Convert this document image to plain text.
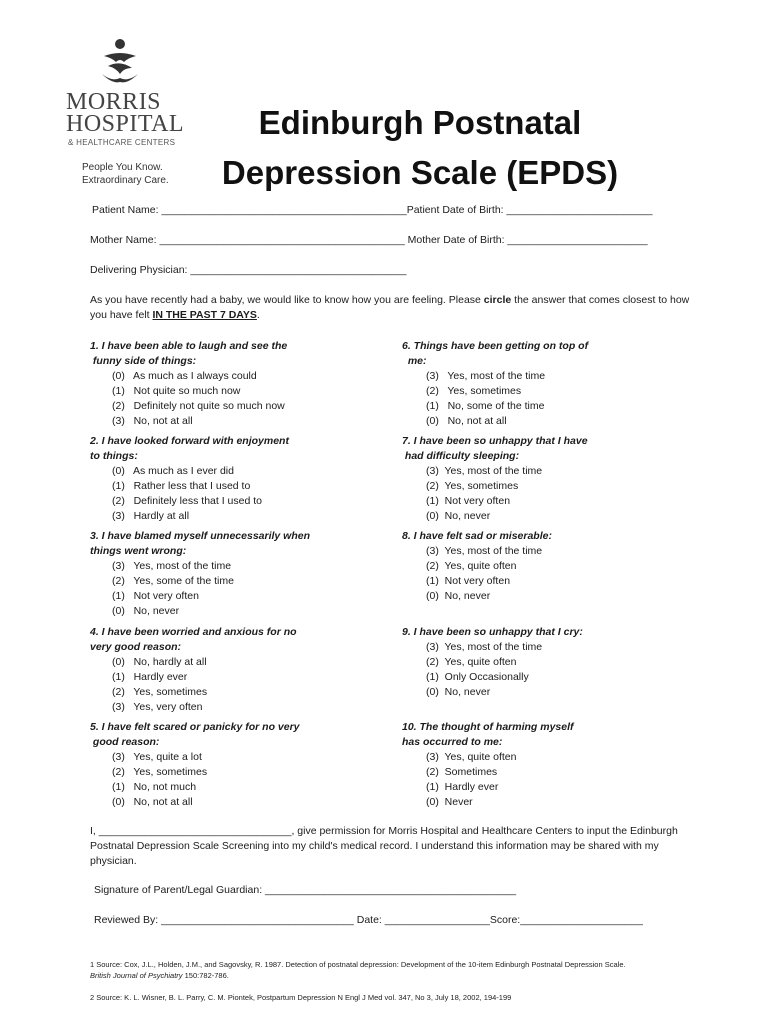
MORRIS
HOSPITAL
& HEALTHCARE CENTERS
People You Know.
Extraordinary Care.
Edinburgh Postnatal
Depression Scale (EPDS)
Patient Name: __________________________________________Patient Date of Birth: _________________________
Mother Name: __________________________________________ Mother Date of Birth: ________________________
Delivering Physician: _____________________________________
As you have recently had a baby, we would like to know how you are feeling. Please circle the answer that comes closest to how you have felt IN THE PAST 7 DAYS.
1. I have been able to laugh and see the
funny side of things:
(0)   As much as I always could
(1)   Not quite so much now
(2)   Definitely not quite so much now
(3)   No, not at all
2. I have looked forward with enjoyment
to things:
(0)   As much as I ever did
(1)   Rather less that I used to
(2)   Definitely less that I used to
(3)   Hardly at all
3. I have blamed myself unnecessarily when
things went wrong:
(3)   Yes, most of the time
(2)   Yes, some of the time
(1)   Not very often
(0)   No, never
4. I have been worried and anxious for no
very good reason:
(0)   No, hardly at all
(1)   Hardly ever
(2)   Yes, sometimes
(3)   Yes, very often
5. I have felt scared or panicky for no very
good reason:
(3)   Yes, quite a lot
(2)   Yes, sometimes
(1)   No, not much
(0)   No, not at all
6. Things have been getting on top of
me:
(3)   Yes, most of the time
(2)   Yes, sometimes
(1)   No, some of the time
(0)   No, not at all
7. I have been so unhappy that I have
had difficulty sleeping:
(3)  Yes, most of the time
(2)  Yes, sometimes
(1)  Not very often
(0)  No, never
8. I have felt sad or miserable:
(3)  Yes, most of the time
(2)  Yes, quite often
(1)  Not very often
(0)  No, never
9. I have been so unhappy that I cry:
(3)  Yes, most of the time
(2)  Yes, quite often
(1)  Only Occasionally
(0)  No, never
10. The thought of harming myself
has occurred to me:
(3)  Yes, quite often
(2)  Sometimes
(1)  Hardly ever
(0)  Never
I, _________________________________, give permission for Morris Hospital and Healthcare Centers to input the Edinburgh Postnatal Depression Scale Screening into my child's medical record. I understand this information may be shared with my physician.
Signature of Parent/Legal Guardian: ___________________________________________
Reviewed By: _________________________________ Date: __________________Score:_____________________
1 Source: Cox, J.L., Holden, J.M., and Sagovsky, R. 1987. Detection of postnatal depression: Development of the 10-item Edinburgh Postnatal Depression Scale.
British Journal of Psychiatry 150:782-786.
2 Source: K. L. Wisner, B. L. Parry, C. M. Piontek, Postpartum Depression N Engl J Med vol. 347, No 3, July 18, 2002, 194-199
